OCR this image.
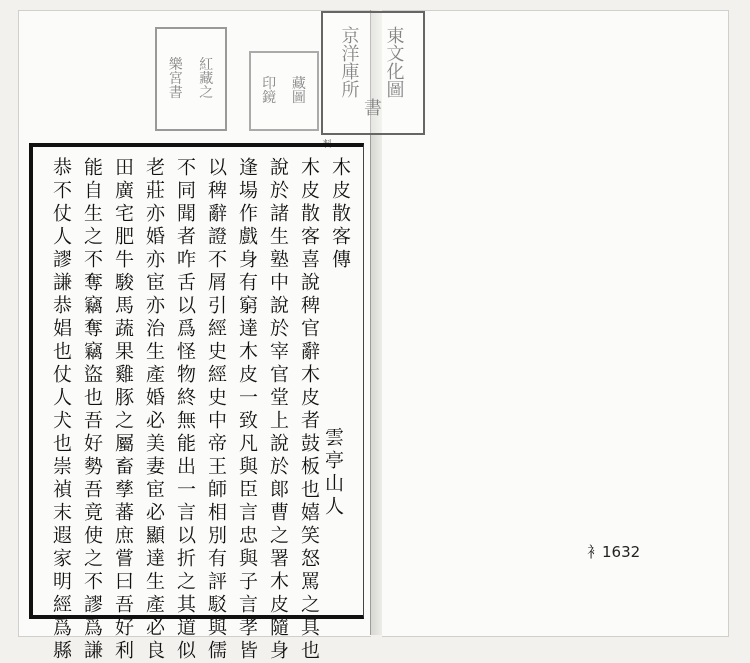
樂	紅
宮	藏
書	之
印	藏
鏡	圖
京	東
洋	文
庫	化
所	圖
書
料
木皮散客傳
木皮散客喜說稗官辭木皮者鼓板也嬉笑怒罵之具也
說於諸生塾中說於宰官堂上說於郞曹之署木皮隨身
逢場作戲身有窮達木皮一致凡與臣言忠與子言孝皆
以稗辭證不屑引經史經史中帝王師相別有評駁與儒
不同聞者咋舌以爲怪物終無能出一言以折之其道似
老莊亦婚亦宦亦治生產婚必美妻宦必顯達生產必良
田廣宅肥牛駿馬蔬果雞豚之屬畜孳蕃庶嘗曰吾好利
能自生之不奪竊奪竊盜也吾好勢吾竟使之不謬爲謙
恭不仗人謬謙恭娼也仗人犬也崇禎末遐家明經爲縣	雲亭山人
衤1632
